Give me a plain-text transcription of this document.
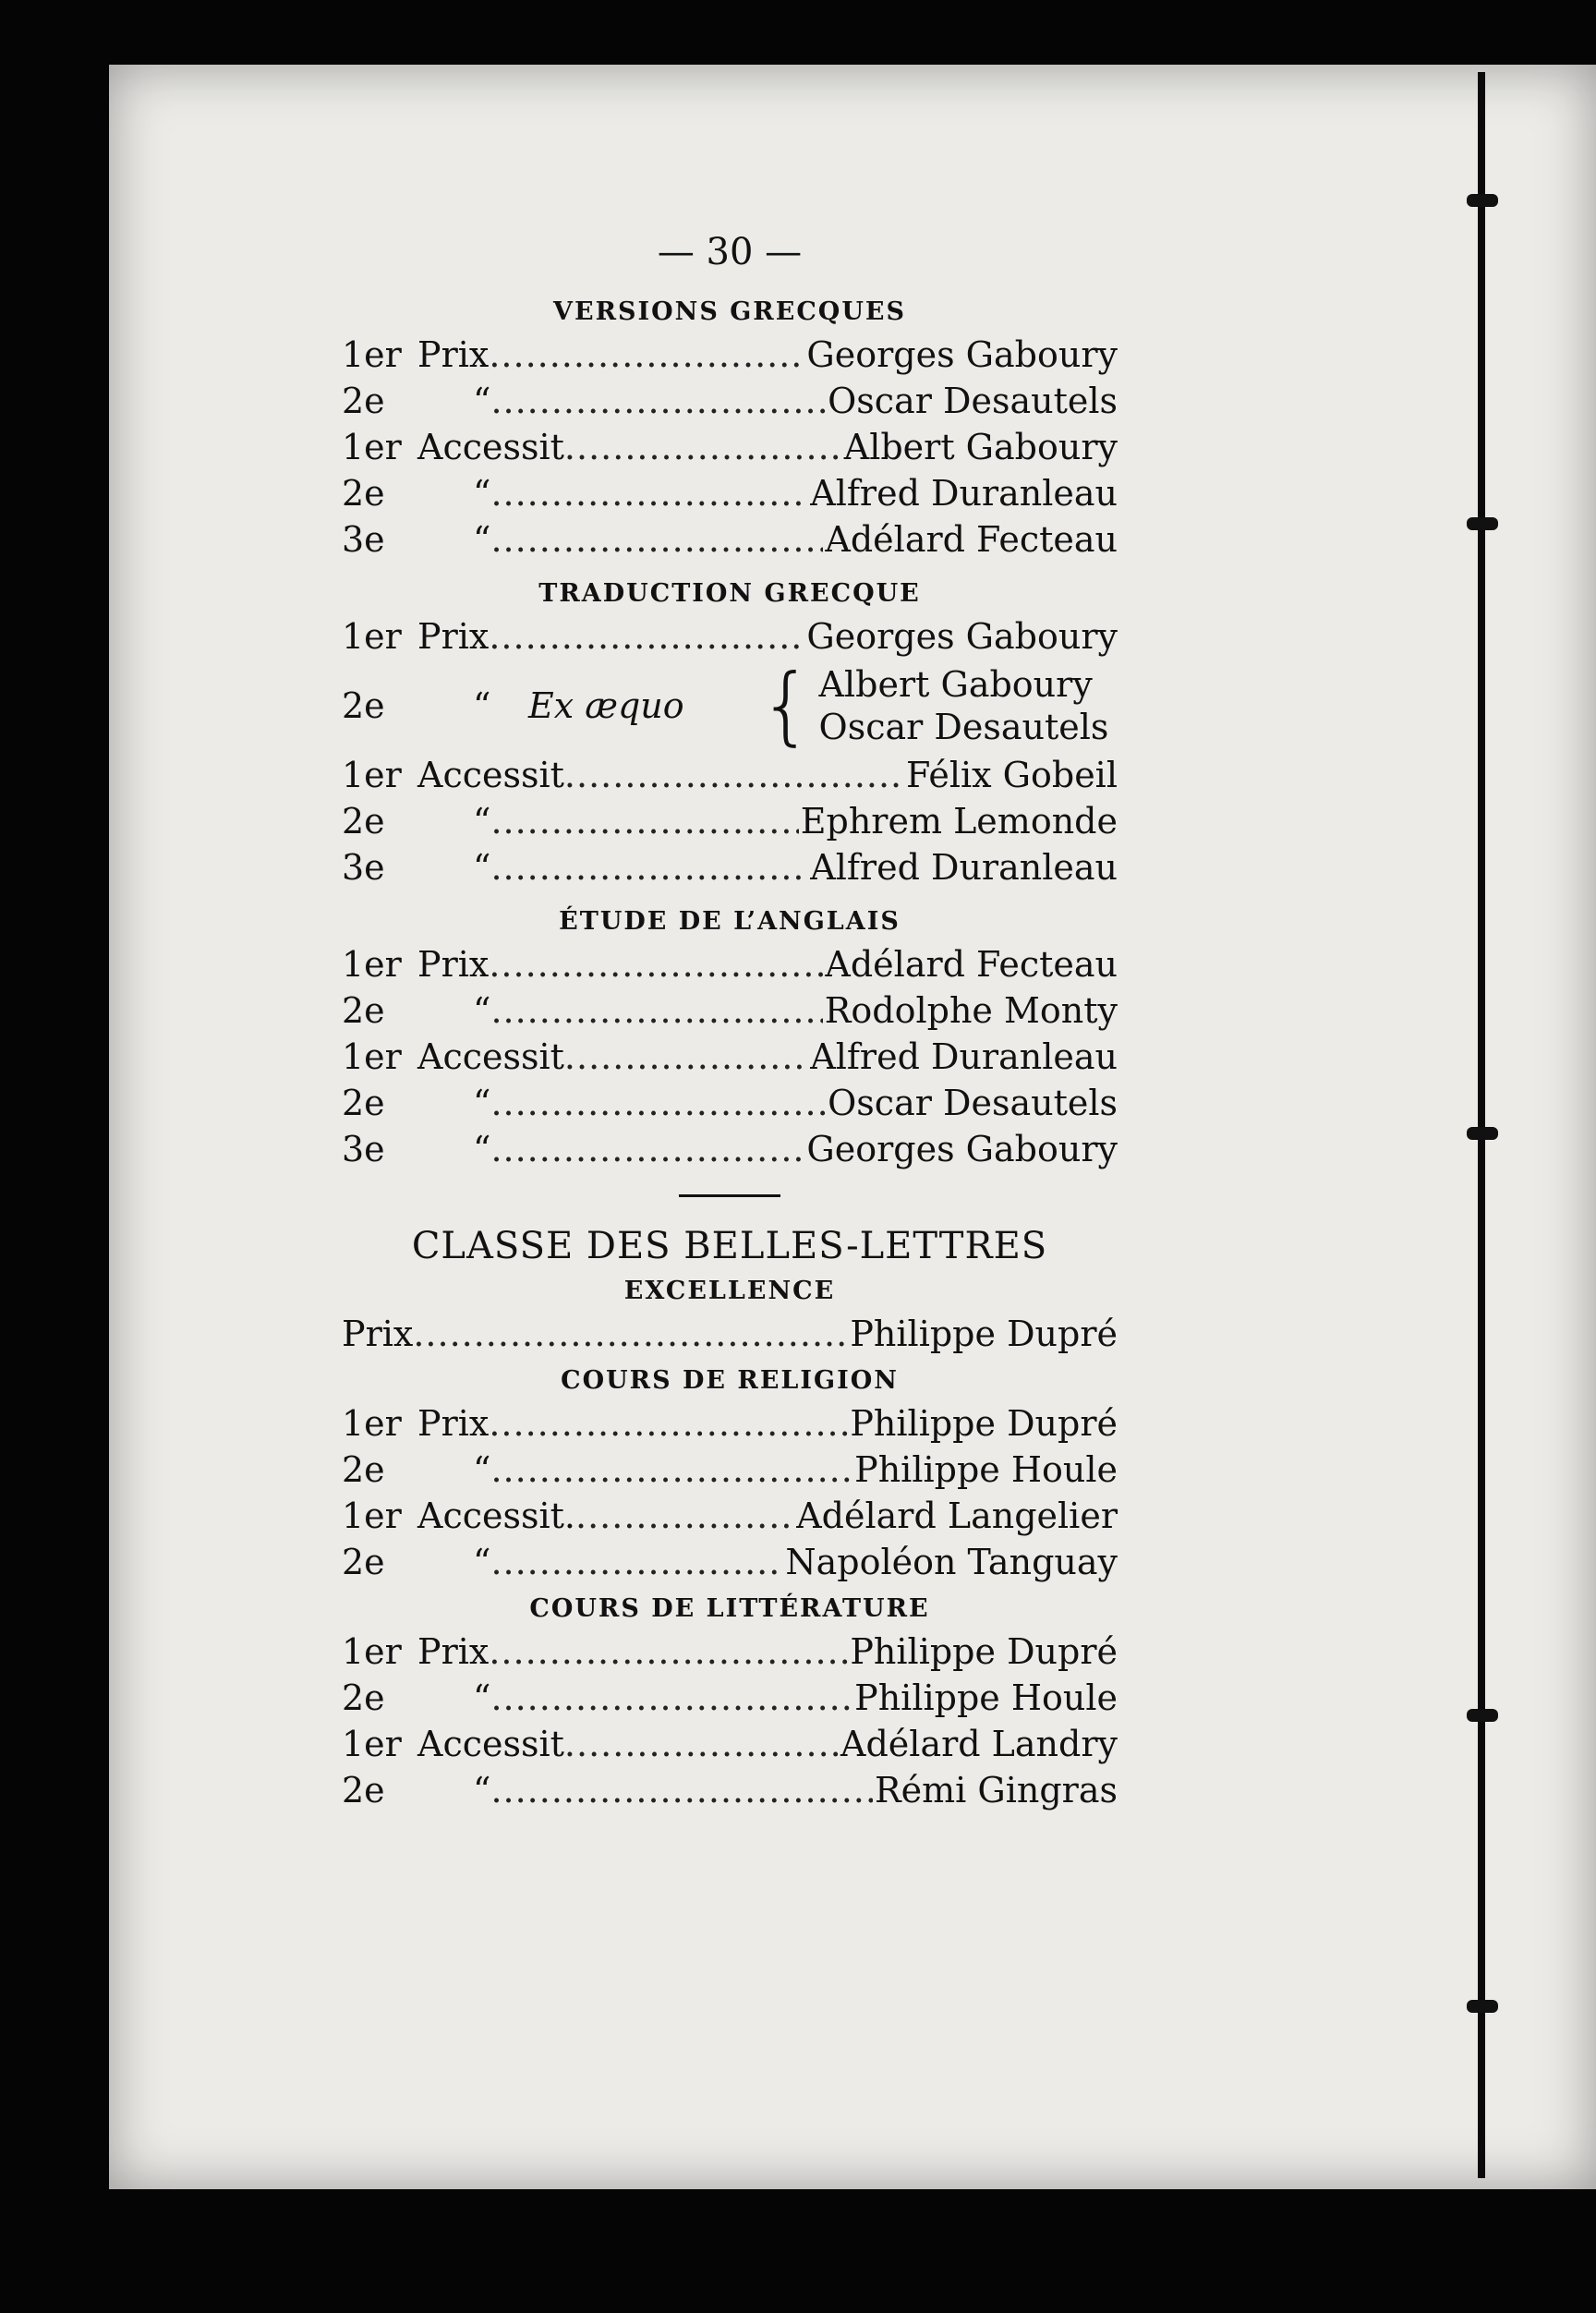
— 30 —
VERSIONS GRECQUES
1er Prix .....	Georges Gaboury
2e	“ .....	Oscar Desautels
1er Accessit .....	Albert Gaboury
2e	“ .....	Alfred Duranleau
3e	“ .....	Adélard Fecteau
TRADUCTION GRECQUE
1er Prix .....	Georges Gaboury
2e	“	Ex æquo { Albert Gaboury
Oscar Desautels
1er Accessit .....	Félix Gobeil
2e	“ .....	Ephrem Lemonde
3e	“ .....	Alfred Duranleau
ÉTUDE DE L’ANGLAIS
1er Prix .....	Adélard Fecteau
2e	“ .....	Rodolphe Monty
1er Accessit .....	Alfred Duranleau
2e	“ .....	Oscar Desautels
3e	“ .....	Georges Gaboury
CLASSE DES BELLES-LETTRES
EXCELLENCE
Prix .....	Philippe Dupré
COURS DE RELIGION
1er Prix .....	Philippe Dupré
2e	“ .....	Philippe Houle
1er Accessit. .....	Adélard Langelier
2e	“ .....	Napoléon Tanguay
COURS DE LITTÉRATURE
1er Prix .....	Philippe Dupré
2e	“ .....	Philippe Houle
1er Accessit .....	Adélard Landry
2e	“ .....	Rémi Gingras
